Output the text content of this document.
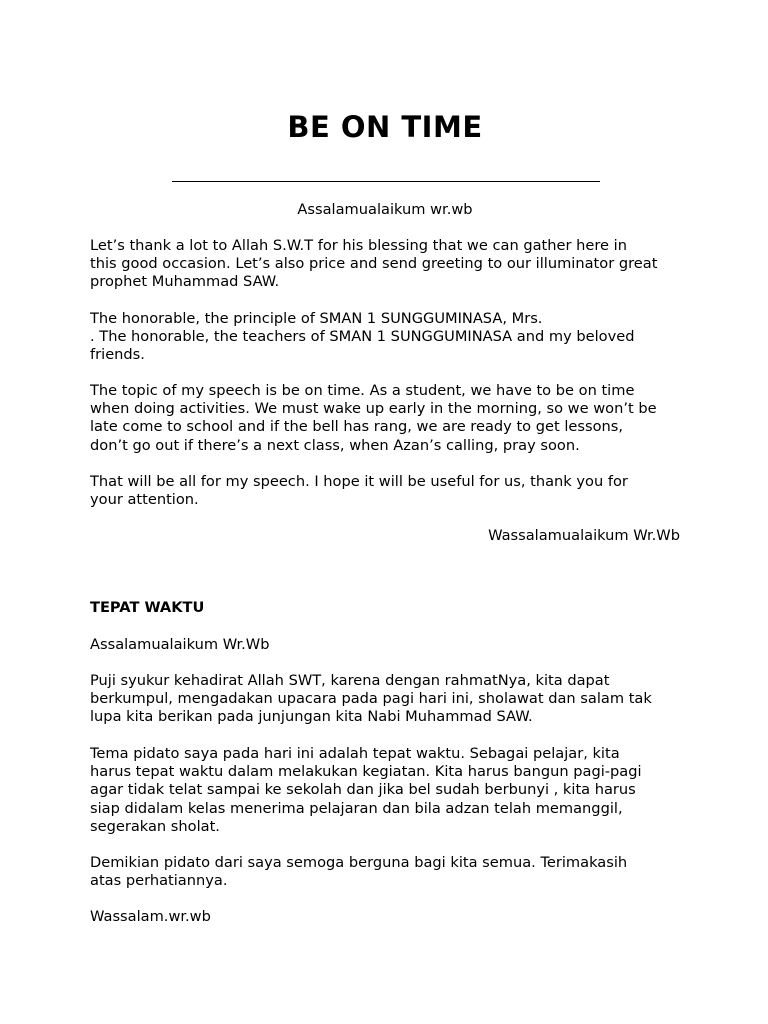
BE ON TIME

Assalamualaikum wr.wb

Let’s thank a lot to Allah S.W.T for his blessing that we can gather here in
this good occasion. Let’s also price and send greeting to our illuminator great
prophet Muhammad SAW.

The honorable, the principle of SMAN 1 SUNGGUMINASA, Mrs.
. The honorable, the teachers of SMAN 1 SUNGGUMINASA and my beloved
friends.

The topic of my speech is be on time. As a student, we have to be on time
when doing activities. We must wake up early in the morning, so we won’t be
late come to school and if the bell has rang, we are ready to get lessons,
don’t go out if there’s a next class, when Azan’s calling, pray soon.

That will be all for my speech. I hope it will be useful for us, thank you for
your attention.

Wassalamualaikum Wr.Wb

TEPAT WAKTU

Assalamualaikum Wr.Wb

Puji syukur kehadirat Allah SWT, karena dengan rahmatNya, kita dapat
berkumpul, mengadakan upacara pada pagi hari ini, sholawat dan salam tak
lupa kita berikan pada junjungan kita Nabi Muhammad SAW.

Tema pidato saya pada hari ini adalah tepat waktu. Sebagai pelajar, kita
harus tepat waktu dalam melakukan kegiatan. Kita harus bangun pagi-pagi
agar tidak telat sampai ke sekolah dan jika bel sudah berbunyi , kita harus
siap didalam kelas menerima pelajaran dan bila adzan telah memanggil,
segerakan sholat.

Demikian pidato dari saya semoga berguna bagi kita semua. Terimakasih
atas perhatiannya.

Wassalam.wr.wb
